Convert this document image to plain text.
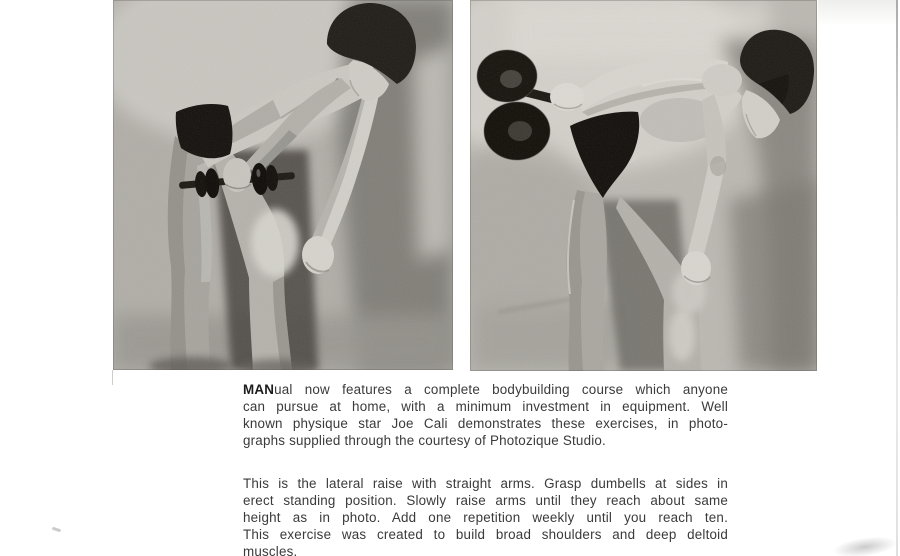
MANual now features a complete bodybuilding course which anyone
can pursue at home, with a minimum investment in equipment. Well
known physique star Joe Cali demonstrates these exercises, in photo-
graphs supplied through the courtesy of Photozique Studio.
This is the lateral raise with straight arms. Grasp dumbells at sides in
erect standing position. Slowly raise arms until they reach about same
height as in photo. Add one repetition weekly until you reach ten.
This exercise was created to build broad shoulders and deep deltoid
muscles.
